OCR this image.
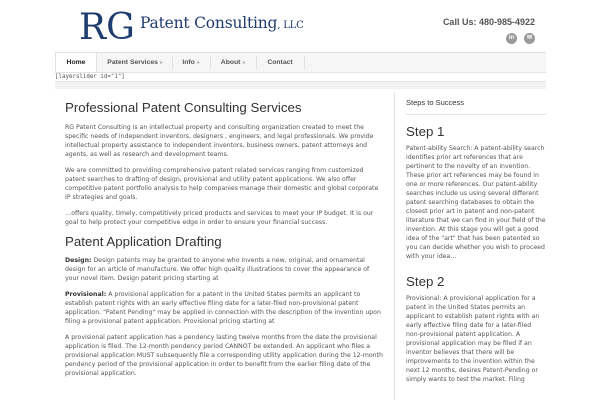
RG Patent Consulting, LLC	Call Us: 480-985-4922
in	✉
Home	Patent Services »	Info »	About »	Contact
[layerslider id="1"]
Professional Patent Consulting Services

RG Patent Consulting is an intellectual property and consulting organization created to meet the specific needs of independent inventors, designers , engineers, and legal professionals. We provide intellectual property assistance to independent inventors, business owners, patent attorneys and agents, as well as research and development teams.

We are committed to providing comprehensive patent related services ranging from customized patent searches to drafting of design, provisional and utility patent applications. We also offer competitive patent portfolio analysis to help companies manage their domestic and global corporate IP strategies and goals.

…offers quality, timely, competitively priced products and services to meet your IP budget. It is our goal to help protect your competitive edge in order to ensure your financial success.

Patent Application Drafting

Design: Design patents may be granted to anyone who invents a new, original, and ornamental design for an article of manufacture. We offer high quality illustrations to cover the appearance of your novel item. Design patent pricing starting at

Provisional: A provisional application for a patent in the United States permits an applicant to establish patent rights with an early effective filing date for a later-filed non-provisional patent application. "Patent Pending" may be applied in connection with the description of the invention upon filing a provisional patent application. Provisional pricing starting at

A provisional patent application has a pendency lasting twelve months from the date the provisional application is filed. The 12-month pendency period CANNOT be extended. An applicant who files a provisional application MUST subsequently file a corresponding utility application during the 12-month pendency period of the provisional application in order to benefit from the earlier filing date of the provisional application.

Steps to Success
Step 1

Patent-ability Search: A patent-ability search identifies prior art references that are pertinent to the novelty of an invention. These prior art references may be found in one or more references. Our patent-ability searches include us using several different patent searching databases to obtain the closest prior art in patent and non-patent literature that we can find in your field of the invention. At this stage you will get a good idea of the "art" that has been patented so you can decide whether you wish to proceed with your idea…

Step 2

Provisional: A provisional application for a patent in the United States permits an applicant to establish patent rights with an early effective filing date for a later-filed non-provisional patent application. A provisional application may be filed if an inventor believes that there will be improvements to the invention within the next 12 months, desires Patent-Pending or simply wants to test the market. Filing
